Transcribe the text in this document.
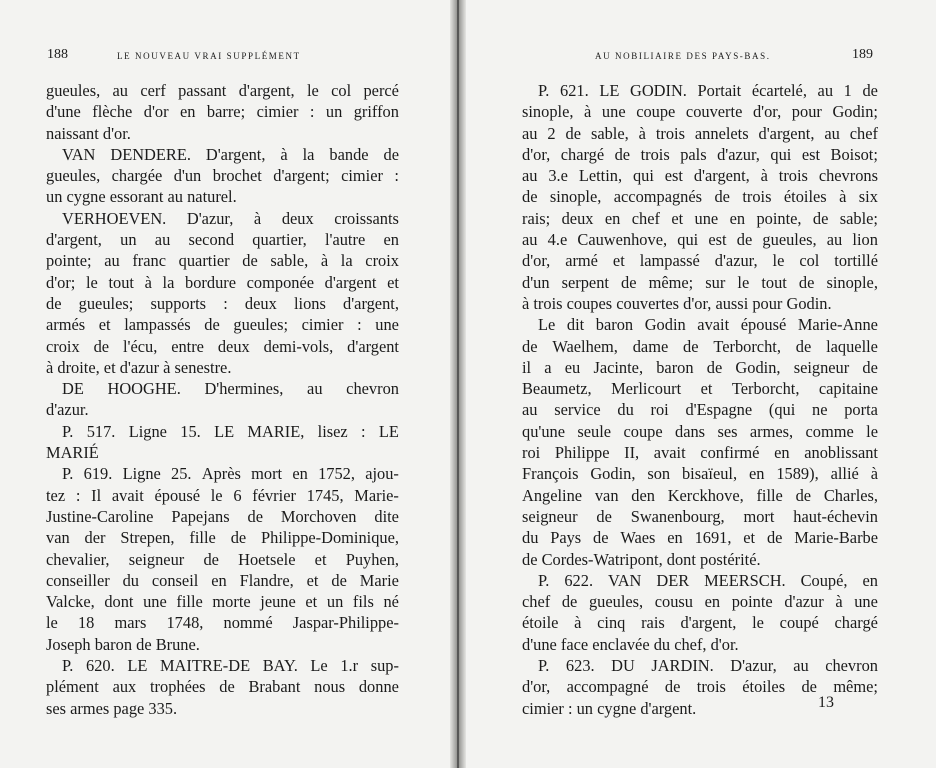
188	LE NOUVEAU VRAI SUPPLÉMENT
gueules, au cerf passant d'argent, le col percé
d'une flèche d'or en barre; cimier : un griffon
naissant d'or.
VAN DENDERE. D'argent, à la bande de
gueules, chargée d'un brochet d'argent; cimier :
un cygne essorant au naturel.
VERHOEVEN. D'azur, à deux croissants
d'argent, un au second quartier, l'autre en
pointe; au franc quartier de sable, à la croix
d'or; le tout à la bordure componée d'argent et
de gueules; supports : deux lions d'argent,
armés et lampassés de gueules; cimier : une
croix de l'écu, entre deux demi-vols, d'argent
à droite, et d'azur à senestre.
DE HOOGHE. D'hermines, au chevron
d'azur.
P. 517. Ligne 15. LE MARIE, lisez : LE
MARIÉ
P. 619. Ligne 25. Après mort en 1752, ajou-
tez : Il avait épousé le 6 février 1745, Marie-
Justine-Caroline Papejans de Morchoven dite
van der Strepen, fille de Philippe-Dominique,
chevalier, seigneur de Hoetsele et Puyhen,
conseiller du conseil en Flandre, et de Marie
Valcke, dont une fille morte jeune et un fils né
le 18 mars 1748, nommé Jaspar-Philippe-
Joseph baron de Brune.
P. 620. LE MAITRE-DE BAY. Le 1.r sup-
plément aux trophées de Brabant nous donne
ses armes page 335.
AU NOBILIAIRE DES PAYS-BAS.	189
P. 621. LE GODIN. Portait écartelé, au 1 de
sinople, à une coupe couverte d'or, pour Godin;
au 2 de sable, à trois annelets d'argent, au chef
d'or, chargé de trois pals d'azur, qui est Boisot;
au 3.e Lettin, qui est d'argent, à trois chevrons
de sinople, accompagnés de trois étoiles à six
rais; deux en chef et une en pointe, de sable;
au 4.e Cauwenhove, qui est de gueules, au lion
d'or, armé et lampassé d'azur, le col tortillé
d'un serpent de même; sur le tout de sinople,
à trois coupes couvertes d'or, aussi pour Godin.
Le dit baron Godin avait épousé Marie-Anne
de Waelhem, dame de Terborcht, de laquelle
il a eu Jacinte, baron de Godin, seigneur de
Beaumetz, Merlicourt et Terborcht, capitaine
au service du roi d'Espagne (qui ne porta
qu'une seule coupe dans ses armes, comme le
roi Philippe II, avait confirmé en anoblissant
François Godin, son bisaïeul, en 1589), allié à
Angeline van den Kerckhove, fille de Charles,
seigneur de Swanenbourg, mort haut-échevin
du Pays de Waes en 1691, et de Marie-Barbe
de Cordes-Watripont, dont postérité.
P. 622. VAN DER MEERSCH. Coupé, en
chef de gueules, cousu en pointe d'azur à une
étoile à cinq rais d'argent, le coupé chargé
d'une face enclavée du chef, d'or.
P. 623. DU JARDIN. D'azur, au chevron
d'or, accompagné de trois étoiles de même;
cimier : un cygne d'argent.	13
